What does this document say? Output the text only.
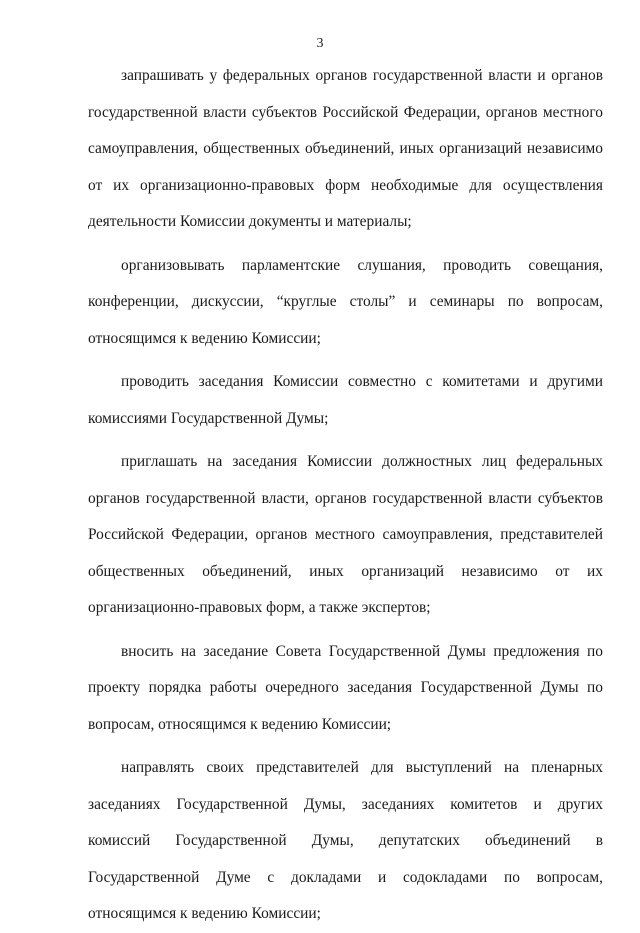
3
запрашивать у федеральных органов государственной власти и органов
государственной власти субъектов Российской Федерации, органов местного
самоуправления, общественных объединений, иных организаций независимо
от их организационно-правовых форм необходимые для осуществления
деятельности Комиссии документы и материалы;
организовывать парламентские слушания, проводить совещания,
конференции, дискуссии, “круглые столы” и семинары по вопросам,
относящимся к ведению Комиссии;
проводить заседания Комиссии совместно с комитетами и другими
комиссиями Государственной Думы;
приглашать на заседания Комиссии должностных лиц федеральных
органов государственной власти, органов государственной власти субъектов
Российской Федерации, органов местного самоуправления, представителей
общественных объединений, иных организаций независимо от их
организационно-правовых форм, а также экспертов;
вносить на заседание Совета Государственной Думы предложения по
проекту порядка работы очередного заседания Государственной Думы по
вопросам, относящимся к ведению Комиссии;
направлять своих представителей для выступлений на пленарных
заседаниях Государственной Думы, заседаниях комитетов и других
комиссий Государственной Думы, депутатских объединений в
Государственной Думе с докладами и содокладами по вопросам,
относящимся к ведению Комиссии;
